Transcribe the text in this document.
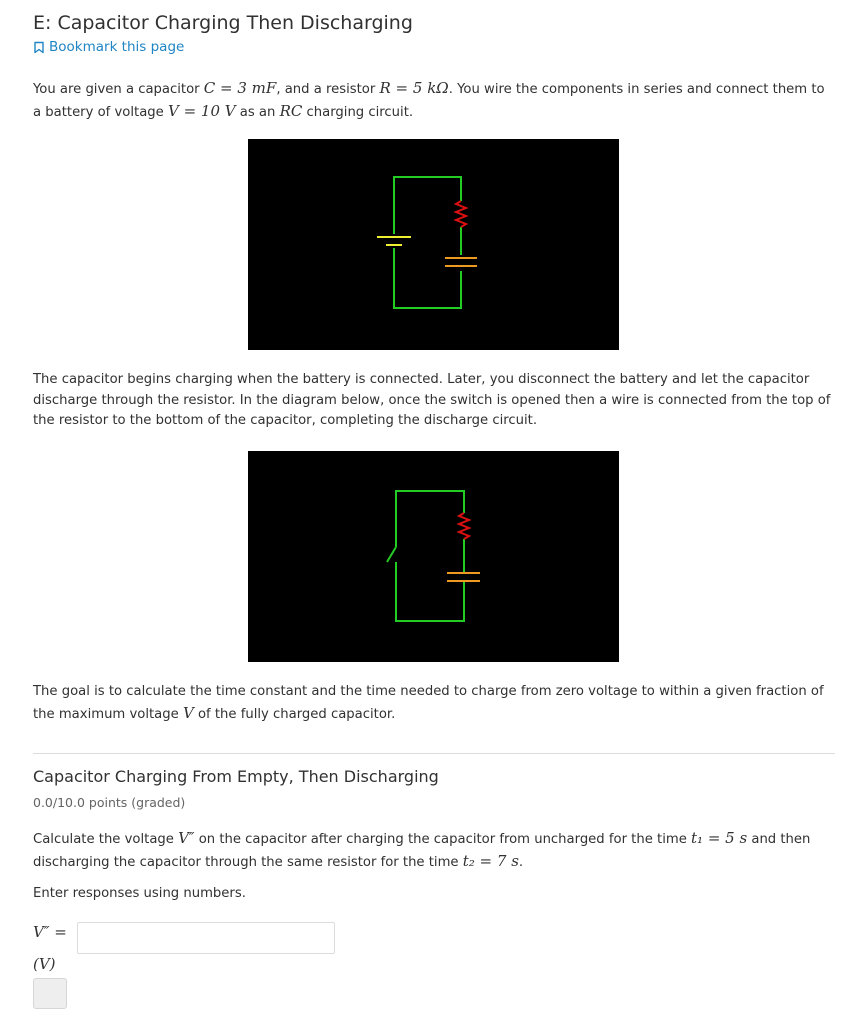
E: Capacitor Charging Then Discharging
Bookmark this page

You are given a capacitor C = 3 mF, and a resistor R = 5 kΩ. You wire the components in series and connect them to a battery of voltage V = 10 V as an RC charging circuit.

The capacitor begins charging when the battery is connected. Later, you disconnect the battery and let the capacitor discharge through the resistor. In the diagram below, once the switch is opened then a wire is connected from the top of the resistor to the bottom of the capacitor, completing the discharge circuit.

The goal is to calculate the time constant and the time needed to charge from zero voltage to within a given fraction of the maximum voltage V of the fully charged capacitor.

Capacitor Charging From Empty, Then Discharging
0.0/10.0 points (graded)

Calculate the voltage V″ on the capacitor after charging the capacitor from uncharged for the time t₁ = 5 s and then discharging the capacitor through the same resistor for the time t₂ = 7 s.

Enter responses using numbers.

V″ =
(V)
